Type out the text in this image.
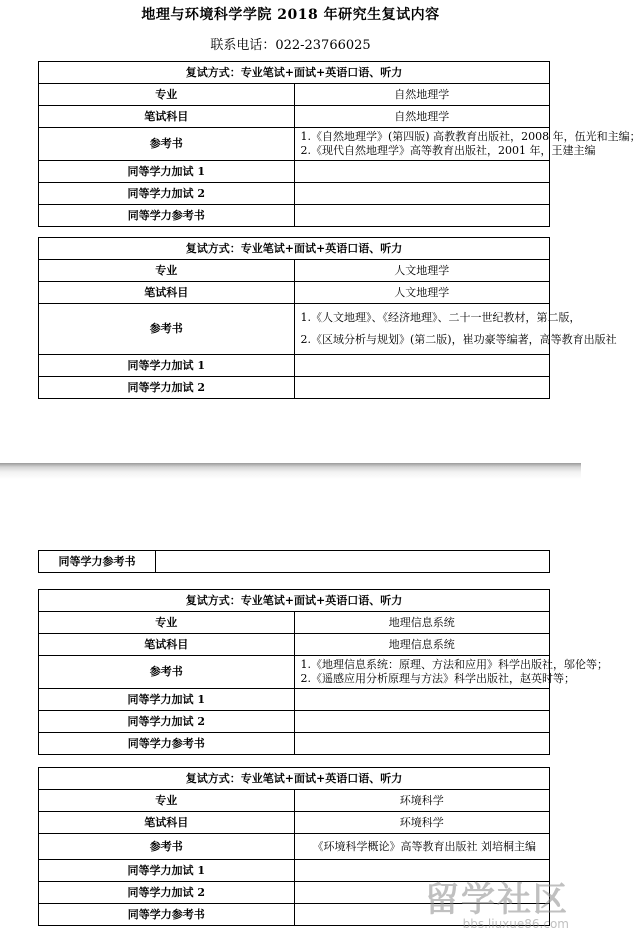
地理与环境科学学院 2018 年研究生复试内容
联系电话：022-23766025
复试方式：专业笔试+面试+英语口语、听力	
专业	自然地理学
笔试科目	自然地理学
参考书	1.《自然地理学》(第四版) 高教教育出版社，2008 年，伍光和主编；
2.《现代自然地理学》高等教育出版社，2001 年，王建主编

同等学力加试 1	
同等学力加试 2	
同等学力参考书	
复试方式：专业笔试+面试+英语口语、听力	
专业	人文地理学
笔试科目	人文地理学
参考书	1.《人文地理》、《经济地理》、二十一世纪教材，第二版，
2.《区域分析与规划》(第二版)，崔功豪等编著，高等教育出版社

同等学力加试 1	
同等学力加试 2	
同等学力参考书	
复试方式：专业笔试+面试+英语口语、听力	
专业	地理信息系统
笔试科目	地理信息系统
参考书	1.《地理信息系统：原理、方法和应用》科学出版社，邬伦等；
2.《遥感应用分析原理与方法》科学出版社，赵英时等；

同等学力加试 1	
同等学力加试 2	
同等学力参考书	
复试方式：专业笔试+面试+英语口语、听力	
专业	环境科学
笔试科目	环境科学
参考书	《环境科学概论》高等教育出版社 刘培桐主编

同等学力加试 1	
同等学力加试 2	
同等学力参考书		留学社区
bbs.liuxue86.com
